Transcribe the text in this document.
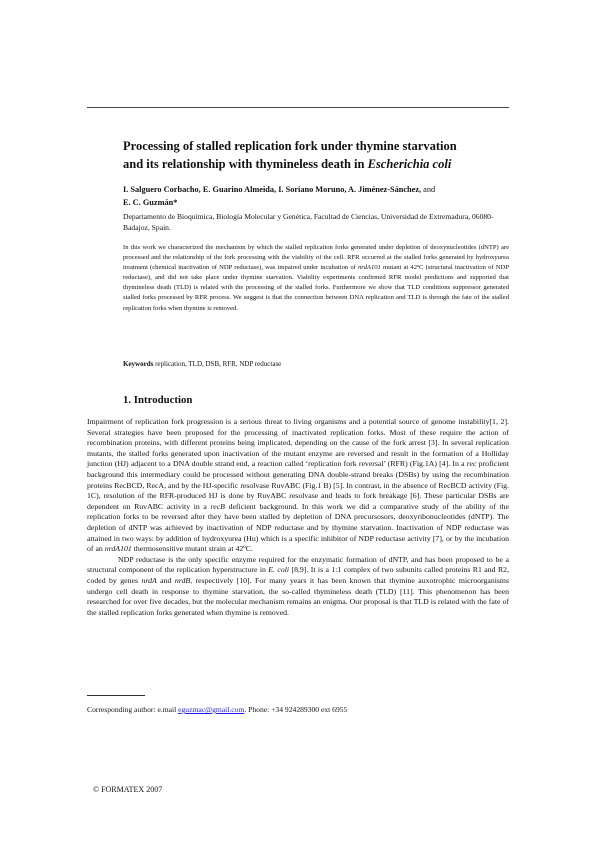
Processing of stalled replication fork under thymine starvation
and its relationship with thymineless death in Escherichia coli
I. Salguero Corbacho, E. Guarino Almeida, I. Soriano Moruno, A. Jiménez-Sánchez, and
E. C. Guzmán*
Departamento de Bioquímica, Biología Molecular y Genética, Facultad de Ciencias, Universidad de Extremadura, 06080-Badajoz, Spain.

In this work we characterized the mechanism by which the stalled replication forks generated under depletion of deoxynucleotides (dNTP) are processed and the relationship of the fork processing with the viability of the cell. RFR occurred at the stalled forks generated by hydroxyurea treatment (chemical inactivation of NDP reductase), was impaired under incubation of nrdA101 mutant at 42ºC (structural inactivation of NDP reductase), and did not take place under thymine starvation. Viability experiments confirmed RFR model predictions and supported that thymineless death (TLD) is related with the processing of the stalled forks. Furthermore we show that TLD conditions suppressor generated stalled forks processed by RFR process. We suggest is that the connection between DNA replication and TLD is through the fate of the stalled replication forks when thymine is removed.

Keywords replication, TLD, DSB, RFR, NDP reductase
1. Introduction

Impairment of replication fork progression is a serious threat to living organisms and a potential source of genome instability[1, 2]. Several strategies have been proposed for the processing of inactivated replication forks. Most of these require the action of recombination proteins, with different proteins being implicated, depending on the cause of the fork arrest [3]. In several replication mutants, the stalled forks generated upon inactivation of the mutant enzyme are reversed and result in the formation of a Holliday junction (HJ) adjacent to a DNA double strand end, a reaction called ‘replication fork reversal’ (RFR) (Fig.1A) [4]. In a rec proficient background this intermediary could be processed without generating DNA double-strand breaks (DSBs) by using the recombination proteins RecBCD, RecA, and by the HJ-specific resolvase RuvABC (Fig.1 B) [5]. In contrast, in the absence of RecBCD activity (Fig. 1C), resolution of the RFR-produced HJ is done by RuvABC resolvase and leads to fork breakage [6]. These particular DSBs are dependent on RuvABC activity in a recB deficient background. In this work we did a comparative study of the ability of the replication forks to be reversed after they have been stalled by depletion of DNA precursosors, deoxyribonucleotides (dNTP). The depletion of dNTP was achieved by inactivation of NDP reductase and by thymine starvation. Inactivation of NDP reductase was attained in two ways: by addition of hydroxyurea (Hu) which is a specific inhibitor of NDP reductase activity [7], or by the incubation of an nrdA101 thermosensitive mutant strain at 42ºC.

NDP reductase is the only specific enzyme required for the enzymatic formation of dNTP, and has been proposed to be a structural component of the replication hyperstructure in E. coli [8,9]. It is a 1:1 complex of two subunits called proteins R1 and R2, coded by genes nrdA and nrdB, respectively [10]. For many years it has been known that thymine auxotrophic microorganisms undergo cell death in response to thymine starvation, the so-called thymineless death (TLD) [11]. This phenomenon has been researched for over five decades, but the molecular mechanism remains an enigma. Our proposal is that TLD is related with the fate of the stalled replication forks generated when thymine is removed.

Corresponding author: e.mail eguzmac@gmail.com. Phone: +34 924289300 ext 6955
© FORMATEX 2007
